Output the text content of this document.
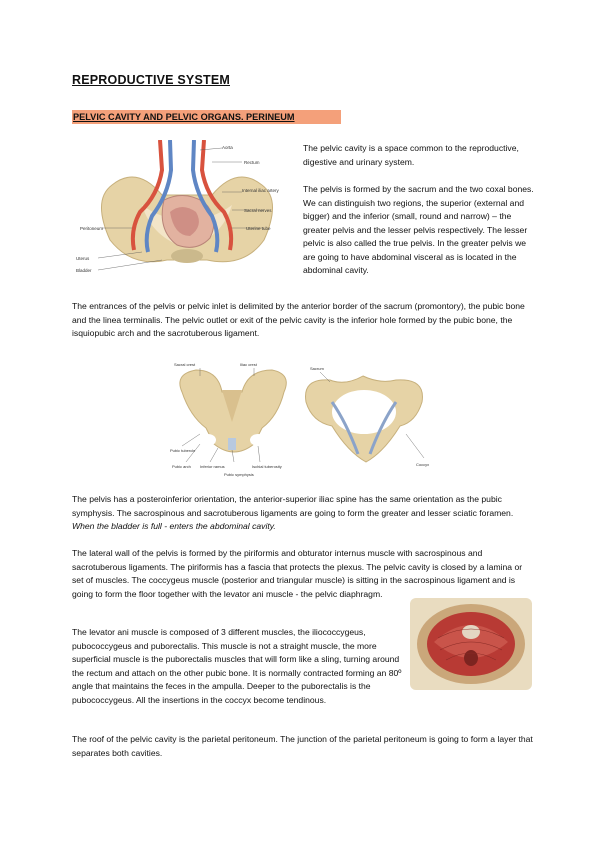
REPRODUCTIVE SYSTEM
PELVIC CAVITY AND PELVIC ORGANS. PERINEUM
Aorta
Rectum
Internal iliac artery
Sacral nerves
Uterine tube
Peritoneum
Uterus
Bladder
The pelvic cavity is a space common to the reproductive, digestive and urinary system.
The pelvis is formed by the sacrum and the two coxal bones. We can distinguish two regions, the superior (external and bigger) and the inferior (small, round and narrow) – the greater pelvis and the lesser pelvis respectively. The lesser pelvic is also called the true pelvis. In the greater pelvis we are going to have abdominal visceral as is located in the abdominal cavity.
The entrances of the pelvis or pelvic inlet is delimited by the anterior border of the sacrum (promontory), the pubic bone and the linea terminalis. The pelvic outlet or exit of the pelvic cavity is the inferior hole formed by the pubic bone, the isquiopubic arch and the sacrotuberous ligament.
Sacral crest	Iliac crest
Pubic tubercle
Pubic arch Inferior ramus
Pubic symphysis
Ischial tuberosity
Sacrum
Coccyx
The pelvis has a posteroinferior orientation, the anterior-superior iliac spine has the same orientation as the pubic symphysis. The sacrospinous and sacrotuberous ligaments are going to form the greater and lesser sciatic foramen. When the bladder is full - enters the abdominal cavity.
The lateral wall of the pelvis is formed by the piriformis and obturator internus muscle with sacrospinous and sacrotuberous ligaments. The piriformis has a fascia that protects the plexus. The pelvic cavity is closed by a lamina or set of muscles. The coccygeus muscle (posterior and triangular muscle) is sitting in the sacrospinous ligament and is going to form the floor together with the levator ani muscle - the pelvic diaphragm.
The levator ani muscle is composed of 3 different muscles, the iliococcygeus, pubococcygeus and puborectalis. This muscle is not a straight muscle, the more superficial muscle is the puborectalis muscles that will form like a sling, turning around the rectum and attach on the other pubic bone. It is normally contracted forming an 80º angle that maintains the feces in the ampulla. Deeper to the puborectalis is the pubococcygeus. All the insertions in the coccyx become tendinous.
The roof of the pelvic cavity is the parietal peritoneum. The junction of the parietal peritoneum is going to form a layer that separates both cavities.
